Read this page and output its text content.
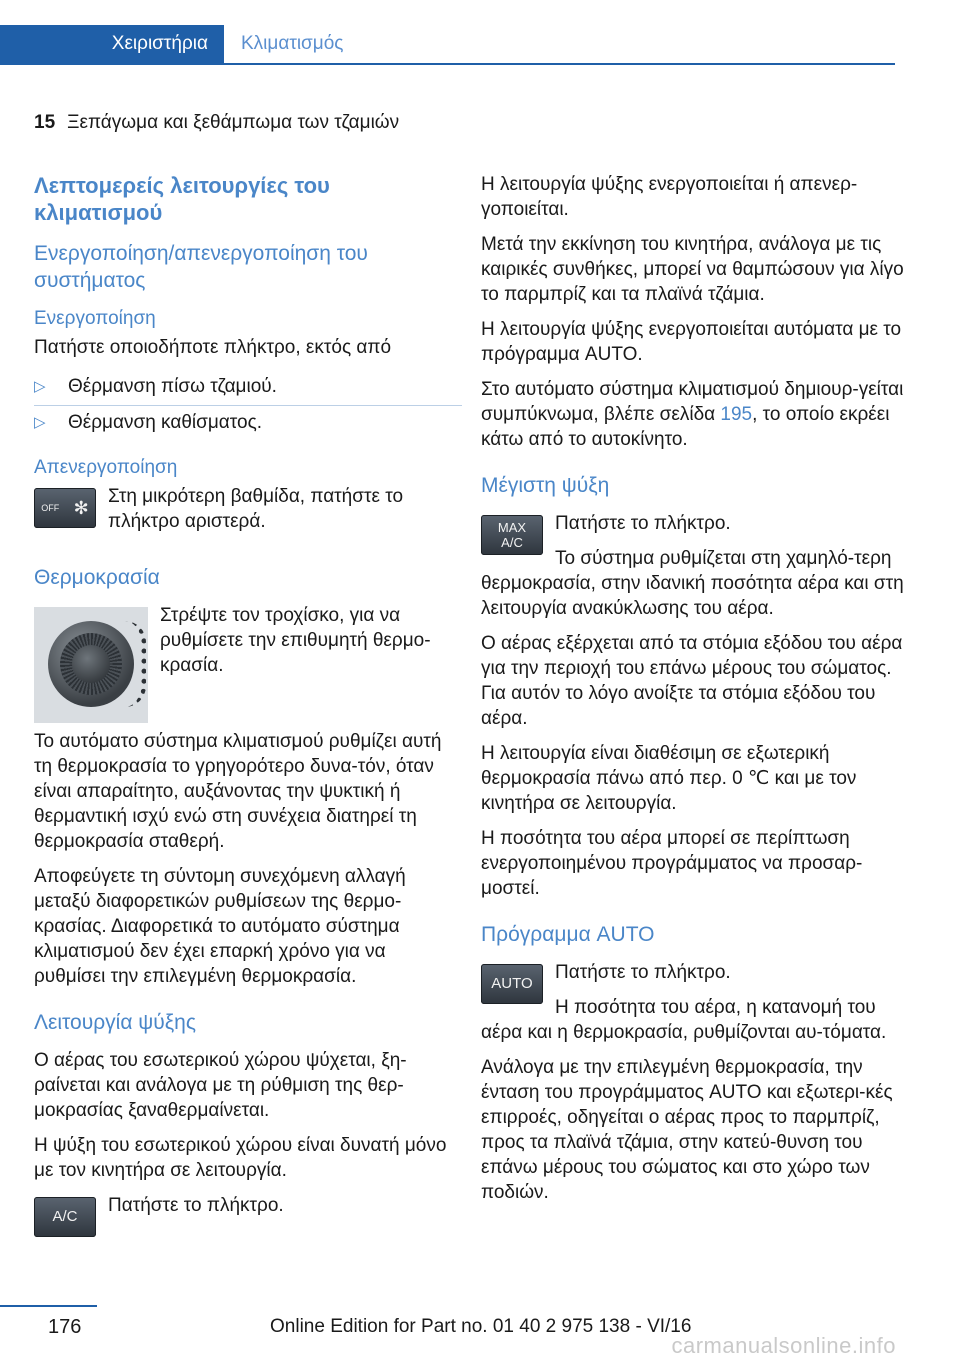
Χειριστήρια	Κλιματισμός
15 Ξεπάγωμα και ξεθάμπωμα των τζαμιών
Λεπτομερείς λειτουργίες του κλιματισμού
Ενεργοποίηση/απενεργοποίηση του συστήματος
Ενεργοποίηση

Πατήστε οποιοδήποτε πλήκτρο, εκτός από

▷ Θέρμανση πίσω τζαμιού.
▷ Θέρμανση καθίσματος.
Απενεργοποίηση
OFF ✻

Στη μικρότερη βαθμίδα, πατήστε το πλήκτρο αριστερά.

Θερμοκρασία

Στρέψτε τον τροχίσκο, για να ρυθμίσετε την επιθυμητή θερμο-κρασία.

Το αυτόματο σύστημα κλιματισμού ρυθμίζει αυτή τη θερμοκρασία το γρηγορότερο δυνα-τόν, όταν είναι απαραίτητο, αυξάνοντας την ψυκτική ή θερμαντική ισχύ ενώ στη συνέχεια διατηρεί τη θερμοκρασία σταθερή.

Αποφεύγετε τη σύντομη συνεχόμενη αλλαγή μεταξύ διαφορετικών ρυθμίσεων της θερμο-κρασίας. Διαφορετικά το αυτόματο σύστημα κλιματισμού δεν έχει επαρκή χρόνο για να ρυθμίσει την επιλεγμένη θερμοκρασία.

Λειτουργία ψύξης

Ο αέρας του εσωτερικού χώρου ψύχεται, ξη-ραίνεται και ανάλογα με τη ρύθμιση της θερ-μοκρασίας ξαναθερμαίνεται.

Η ψύξη του εσωτερικού χώρου είναι δυνατή μόνο με τον κινητήρα σε λειτουργία.

A/C

Πατήστε το πλήκτρο.

Η λειτουργία ψύξης ενεργοποιείται ή απενερ-γοποιείται.

Μετά την εκκίνηση του κινητήρα, ανάλογα με τις καιρικές συνθήκες, μπορεί να θαμπώσουν για λίγο το παρμπρίζ και τα πλαϊνά τζάμια.

Η λειτουργία ψύξης ενεργοποιείται αυτόματα με το πρόγραμμα AUTO.

Στο αυτόματο σύστημα κλιματισμού δημιουρ-γείται συμπύκνωμα, βλέπε σελίδα 195, το οποίο εκρέει κάτω από το αυτοκίνητο.

Μέγιστη ψύξη
MAX
A/C

Πατήστε το πλήκτρο.

Το σύστημα ρυθμίζεται στη χαμηλό-τερη θερμοκρασία, στην ιδανική ποσότητα αέρα και στη λειτουργία ανακύκλωσης του αέρα.

Ο αέρας εξέρχεται από τα στόμια εξόδου του αέρα για την περιοχή του επάνω μέρους του σώματος. Για αυτόν το λόγο ανοίξτε τα στόμια εξόδου του αέρα.

Η λειτουργία είναι διαθέσιμη σε εξωτερική θερμοκρασία πάνω από περ. 0 ℃ και με τον κινητήρα σε λειτουργία.

Η ποσότητα του αέρα μπορεί σε περίπτωση ενεργοποιημένου προγράμματος να προσαρ-μοστεί.

Πρόγραμμα AUTO
AUTO

Πατήστε το πλήκτρο.

Η ποσότητα του αέρα, η κατανομή του αέρα και η θερμοκρασία, ρυθμίζονται αυ-τόματα.

Ανάλογα με την επιλεγμένη θερμοκρασία, την ένταση του προγράμματος AUTO και εξωτερι-κές επιρροές, οδηγείται ο αέρας προς το παρμπρίζ, προς τα πλαϊνά τζάμια, στην κατεύ-θυνση του επάνω μέρους του σώματος και στο χώρο των ποδιών.

176	Online Edition for Part no. 01 40 2 975 138 - VI/16
carmanualsonline.info
